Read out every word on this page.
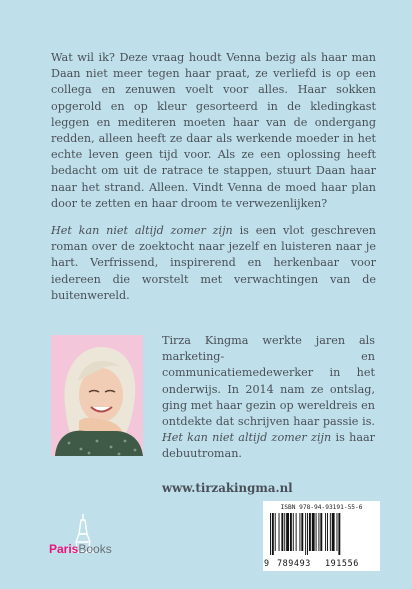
Wat wil ik? Deze vraag houdt Venna bezig als haar man Daan niet meer tegen haar praat, ze verliefd is op een collega en zenuwen voelt voor alles. Haar sokken opgerold en op kleur gesorteerd in de kledingkast leggen en mediteren moeten haar van de ondergang redden, alleen heeft ze daar als werkende moeder in het echte leven geen tijd voor. Als ze een oplossing heeft bedacht om uit de ratrace te stappen, stuurt Daan haar naar het strand. Alleen. Vindt Venna de moed haar plan door te zetten en haar droom te verwezenlijken?

Het kan niet altijd zomer zijn is een vlot geschreven roman over de zoektocht naar jezelf en luisteren naar je hart. Verfrissend, inspirerend en herkenbaar voor iedereen die worstelt met verwachtingen van de buitenwereld.

Tirza Kingma werkte jaren als marketing- en communicatiemedewerker in het onderwijs. In 2014 nam ze ontslag, ging met haar gezin op wereldreis en ontdekte dat schrijven haar passie is. Het kan niet altijd zomer zijn is haar debuutroman.

www.tirzakingma.nl

ParisBooks
ISBN 978-94-93191-55-6
9 789493 191556
